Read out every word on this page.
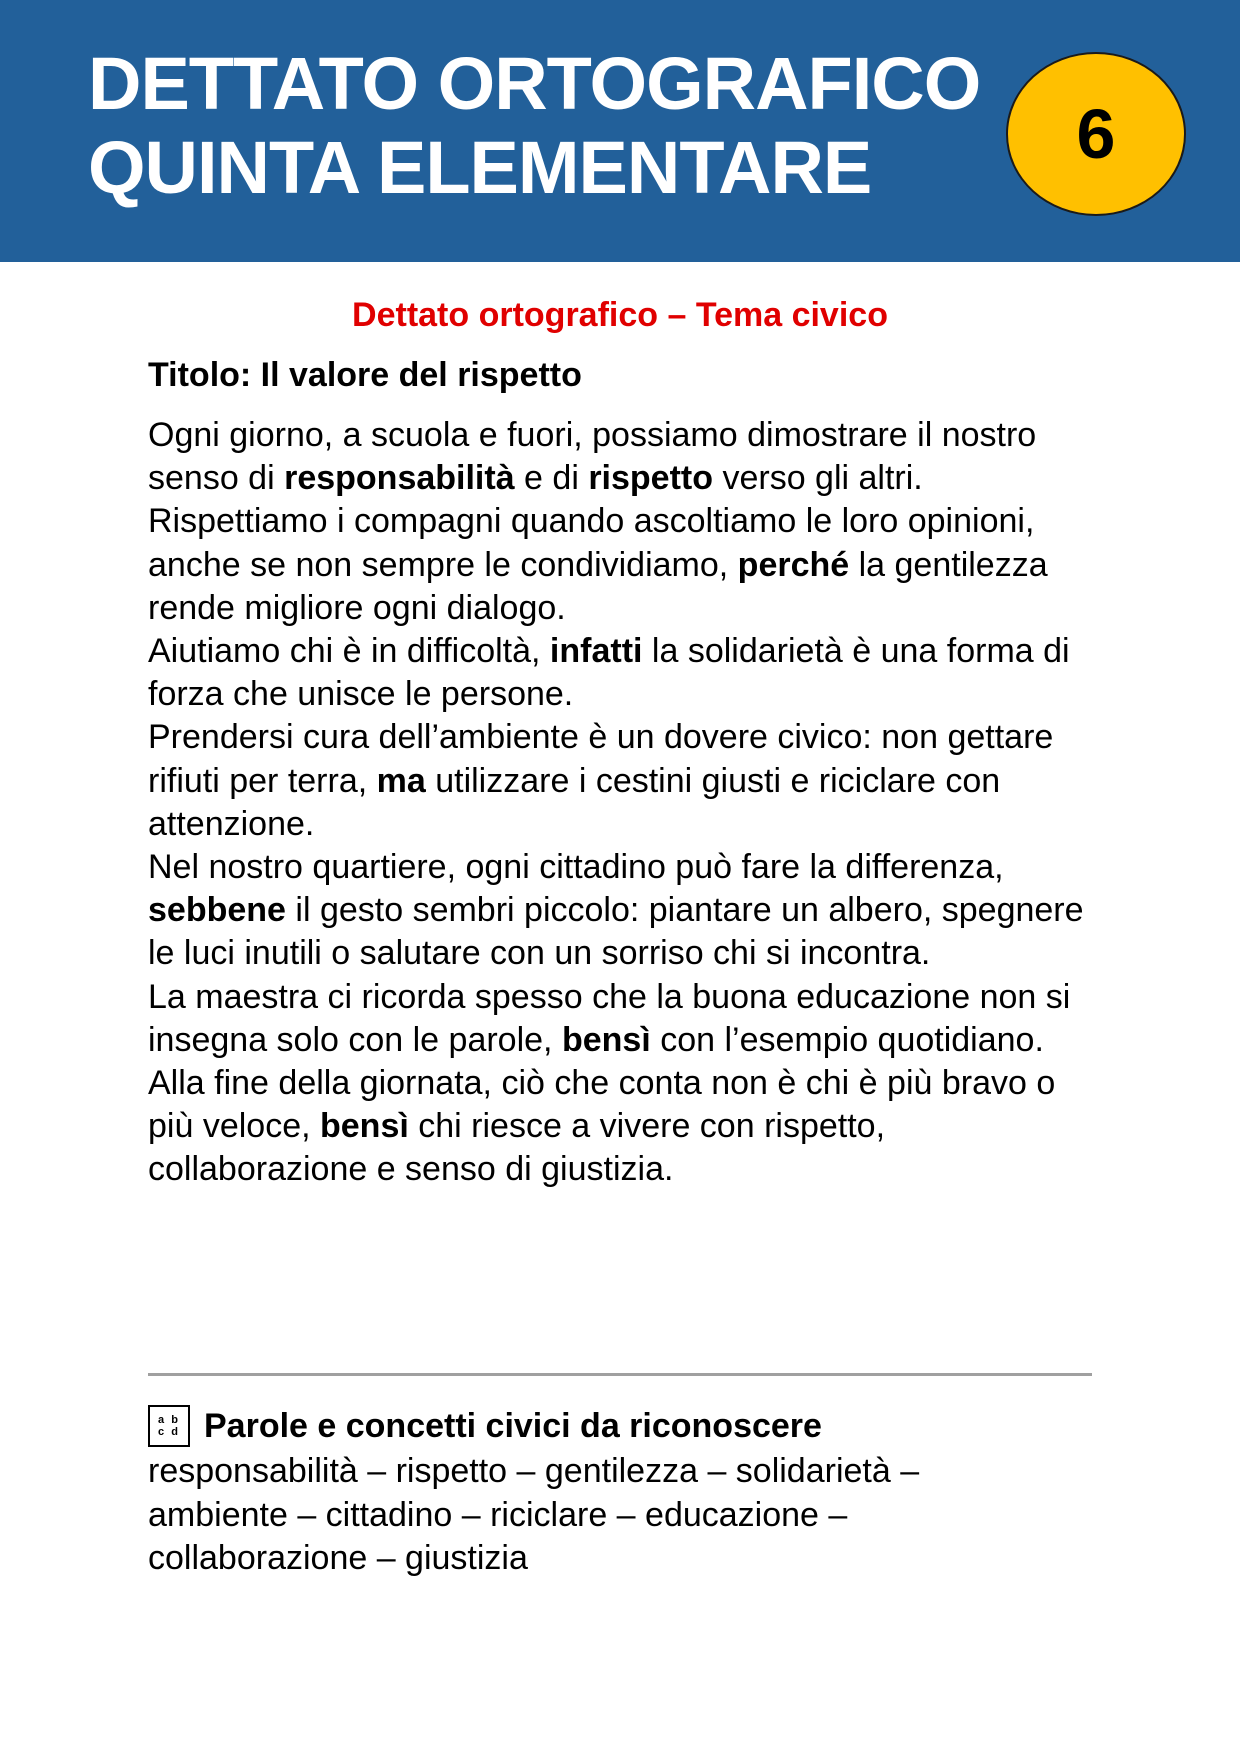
DETTATO ORTOGRAFICO
QUINTA ELEMENTARE	6
Dettato ortografico – Tema civico
Titolo: Il valore del rispetto

Ogni giorno, a scuola e fuori, possiamo dimostrare il nostro senso di responsabilità e di rispetto verso gli altri.

Rispettiamo i compagni quando ascoltiamo le loro opinioni, anche se non sempre le condividiamo, perché la gentilezza rende migliore ogni dialogo.

Aiutiamo chi è in difficoltà, infatti la solidarietà è una forma di forza che unisce le persone.

Prendersi cura dell’ambiente è un dovere civico: non gettare rifiuti per terra, ma utilizzare i cestini giusti e riciclare con attenzione.

Nel nostro quartiere, ogni cittadino può fare la differenza, sebbene il gesto sembri piccolo: piantare un albero, spegnere le luci inutili o salutare con un sorriso chi si incontra.

La maestra ci ricorda spesso che la buona educazione non si insegna solo con le parole, bensì con l’esempio quotidiano.

Alla fine della giornata, ciò che conta non è chi è più bravo o più veloce, bensì chi riesce a vivere con rispetto, collaborazione e senso di giustizia.

a b
c d Parole e concetti civici da riconoscere
responsabilità – rispetto – gentilezza – solidarietà – ambiente – cittadino – riciclare – educazione – collaborazione – giustizia
